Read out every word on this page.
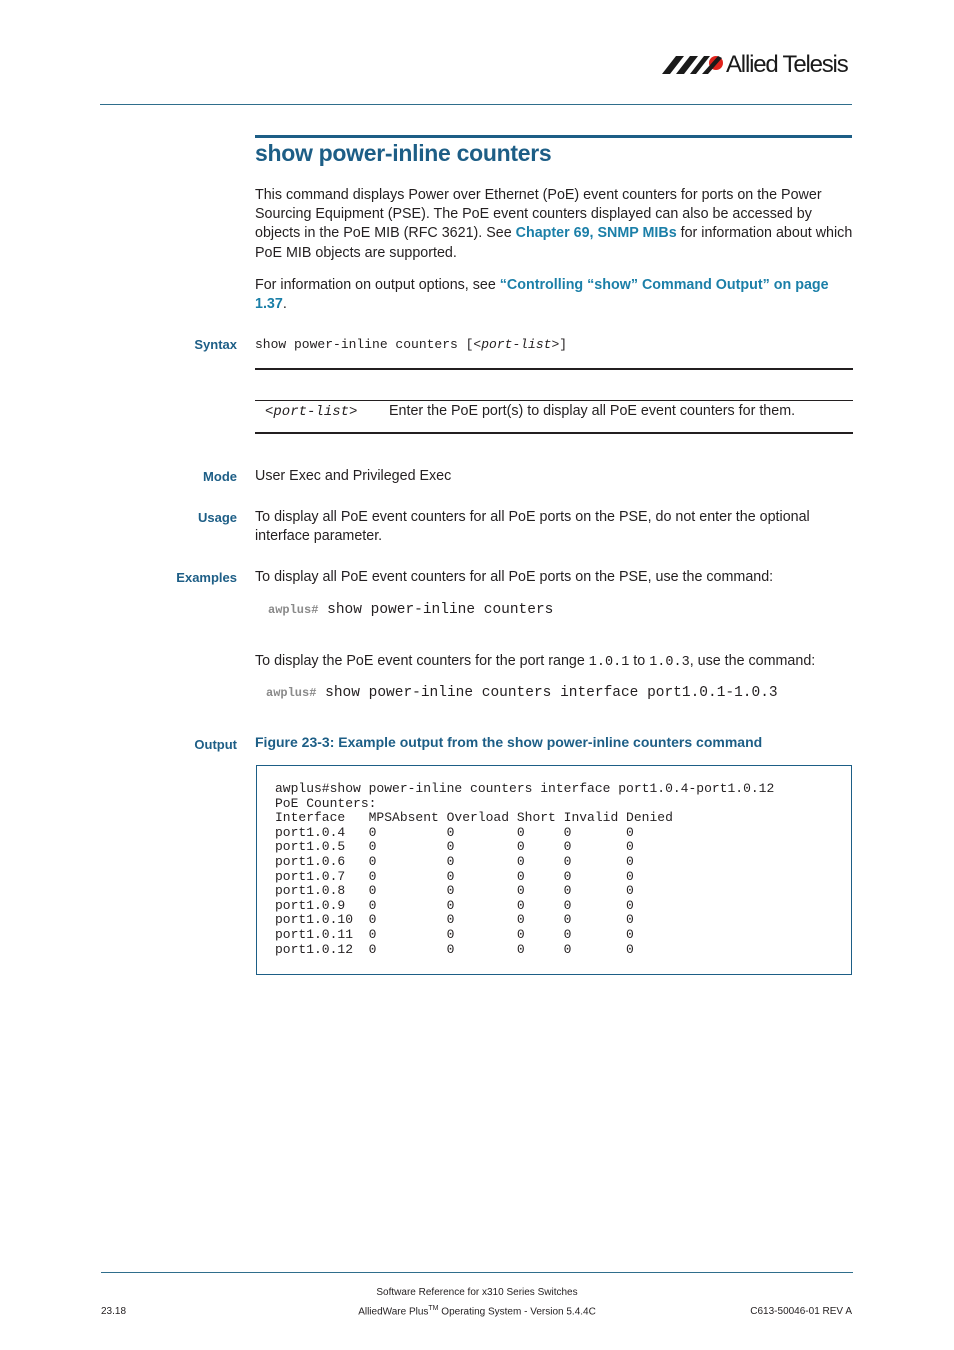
Allied Telesis
show power-inline counters
This command displays Power over Ethernet (PoE) event counters for ports on the Power Sourcing Equipment (PSE). The PoE event counters displayed can also be accessed by objects in the PoE MIB (RFC 3621). See Chapter 69, SNMP MIBs for information about which PoE MIB objects are supported.
For information on output options, see “Controlling “show” Command Output” on page 1.37.
Syntax show power-inline counters [<port-list>]
<port-list> Enter the PoE port(s) to display all PoE event counters for them.
Mode User Exec and Privileged Exec
Usage To display all PoE event counters for all PoE ports on the PSE, do not enter the optional interface parameter.
Examples To display all PoE event counters for all PoE ports on the PSE, use the command:
awplus# show power-inline counters
To display the PoE event counters for the port range 1.0.1 to 1.0.3, use the command:
awplus# show power-inline counters interface port1.0.1-1.0.3
Output Figure 23-3: Example output from the show power-inline counters command
awplus#show power-inline counters interface port1.0.4-port1.0.12
PoE Counters:
Interface   MPSAbsent Overload Short Invalid Denied
port1.0.4   0         0        0     0       0
port1.0.5   0         0        0     0       0
port1.0.6   0         0        0     0       0
port1.0.7   0         0        0     0       0
port1.0.8   0         0        0     0       0
port1.0.9   0         0        0     0       0
port1.0.10  0         0        0     0       0
port1.0.11  0         0        0     0       0
port1.0.12  0         0        0     0       0
Software Reference for x310 Series Switches
AlliedWare Plus™ Operating System - Version 5.4.4C
23.18	C613-50046-01 REV A
